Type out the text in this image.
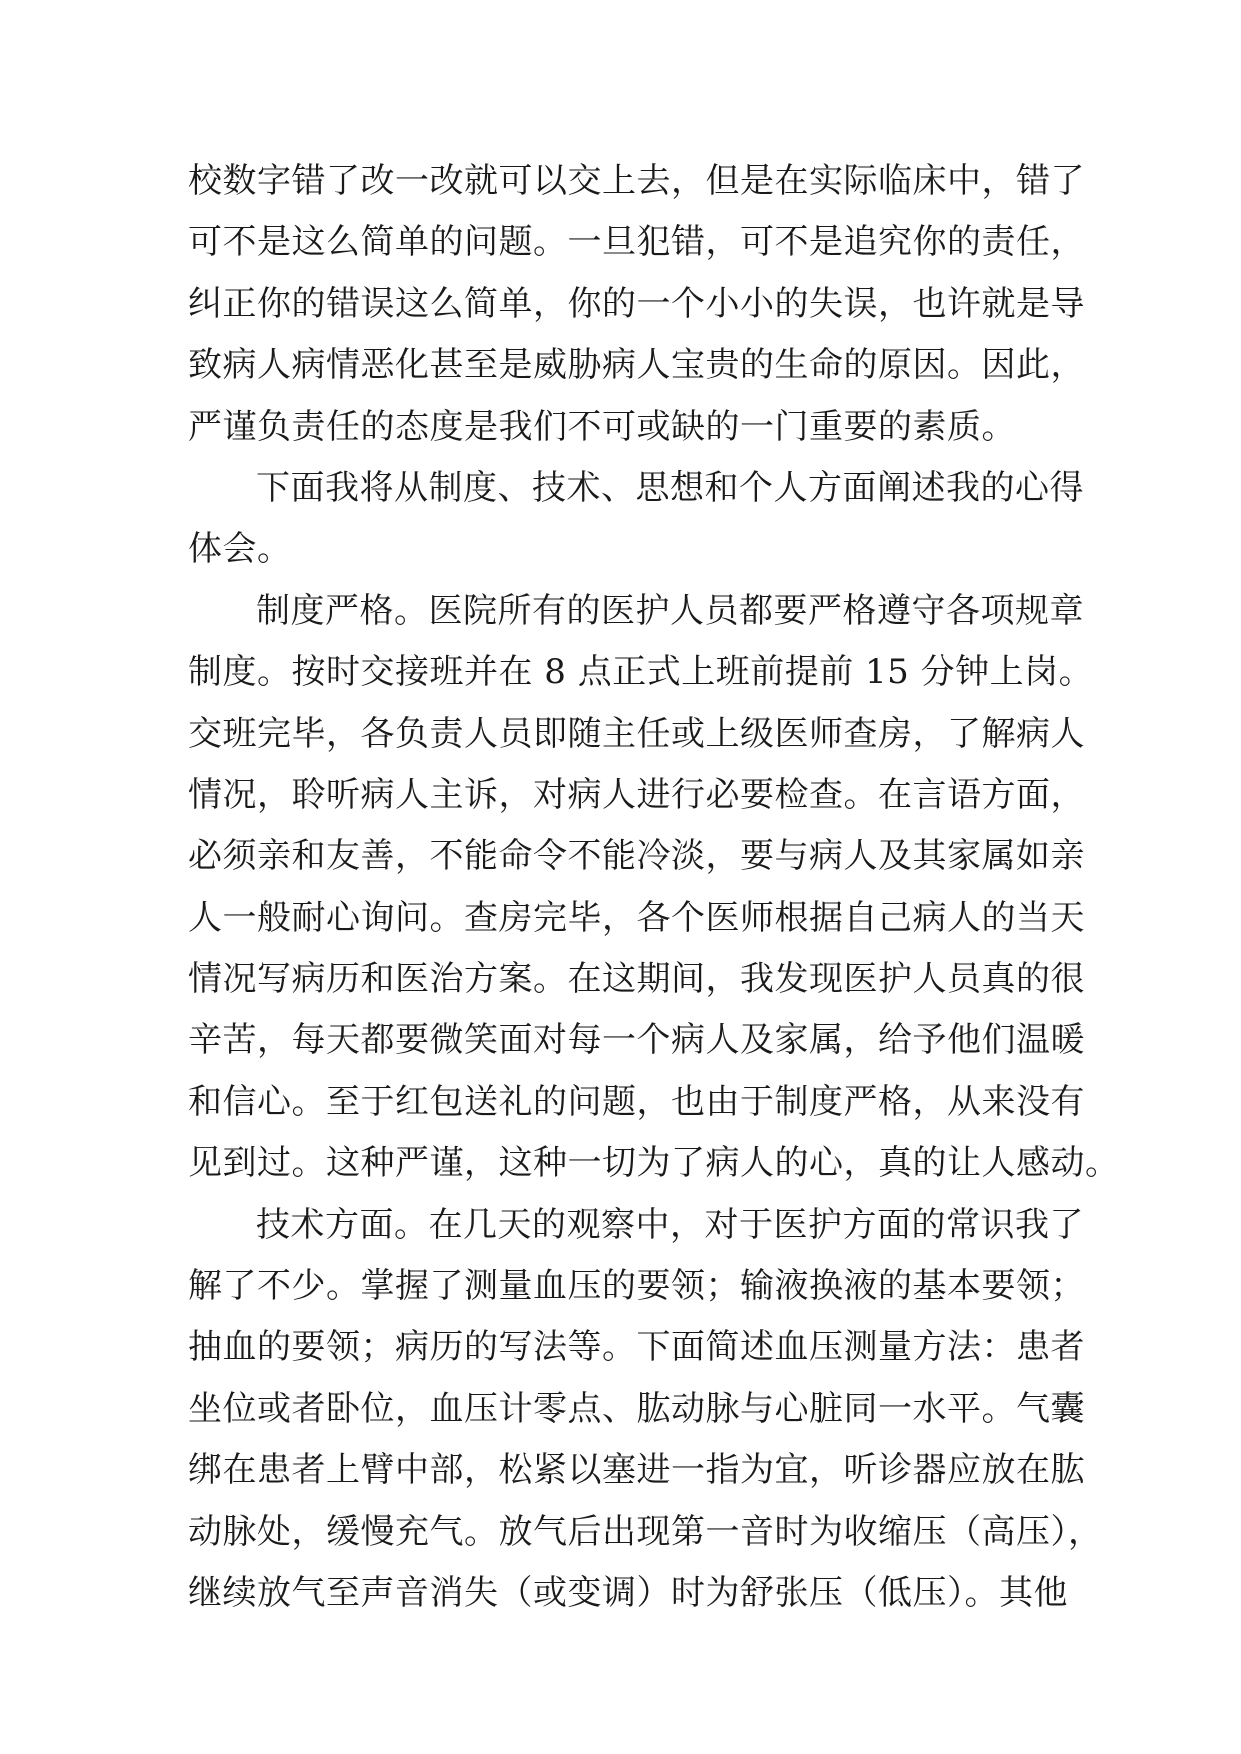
校数字错了改一改就可以交上去，但是在实际临床中，错了
可不是这么简单的问题。一旦犯错，可不是追究你的责任，
纠正你的错误这么简单，你的一个小小的失误，也许就是导
致病人病情恶化甚至是威胁病人宝贵的生命的原因。因此，
严谨负责任的态度是我们不可或缺的一门重要的素质。
下面我将从制度、技术、思想和个人方面阐述我的心得
体会。
制度严格。医院所有的医护人员都要严格遵守各项规章
制度。按时交接班并在 8 点正式上班前提前 15 分钟上岗。
交班完毕，各负责人员即随主任或上级医师查房，了解病人
情况，聆听病人主诉，对病人进行必要检查。在言语方面，
必须亲和友善，不能命令不能冷淡，要与病人及其家属如亲
人一般耐心询问。查房完毕，各个医师根据自己病人的当天
情况写病历和医治方案。在这期间，我发现医护人员真的很
辛苦，每天都要微笑面对每一个病人及家属，给予他们温暖
和信心。至于红包送礼的问题，也由于制度严格，从来没有
见到过。这种严谨，这种一切为了病人的心，真的让人感动。
技术方面。在几天的观察中，对于医护方面的常识我了
解了不少。掌握了测量血压的要领；输液换液的基本要领；
抽血的要领；病历的写法等。下面简述血压测量方法：患者
坐位或者卧位，血压计零点、肱动脉与心脏同一水平。气囊
绑在患者上臂中部，松紧以塞进一指为宜，听诊器应放在肱
动脉处，缓慢充气。放气后出现第一音时为收缩压（高压），
继续放气至声音消失（或变调）时为舒张压（低压）。其他
